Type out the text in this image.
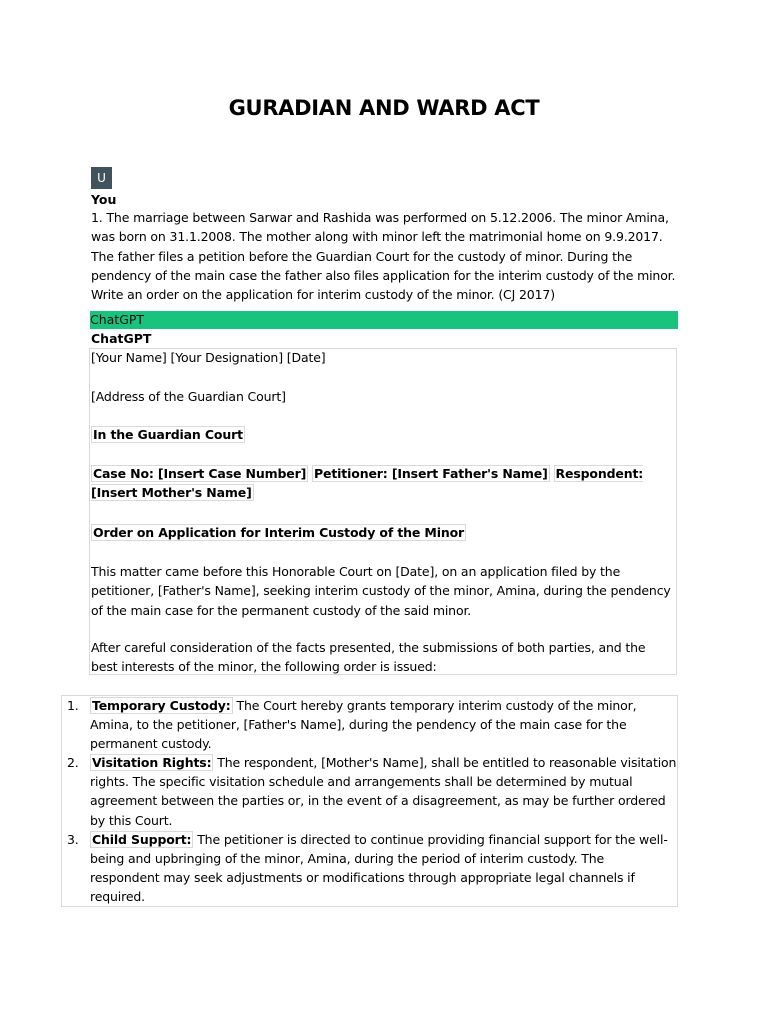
GURADIAN AND WARD ACT
U
You

1. The marriage between Sarwar and Rashida was performed on 5.12.2006. The minor Amina, was born on 31.1.2008. The mother along with minor left the matrimonial home on 9.9.2017. The father files a petition before the Guardian Court for the custody of minor. During the pendency of the main case the father also files application for the interim custody of the minor. Write an order on the application for interim custody of the minor. (CJ 2017)

ChatGPT
ChatGPT

[Your Name] [Your Designation] [Date]

[Address of the Guardian Court]

In the Guardian Court

Case No: [Insert Case Number] Petitioner: [Insert Father's Name] Respondent: [Insert Mother's Name]

Order on Application for Interim Custody of the Minor

This matter came before this Honorable Court on [Date], on an application filed by the petitioner, [Father's Name], seeking interim custody of the minor, Amina, during the pendency of the main case for the permanent custody of the said minor.

After careful consideration of the facts presented, the submissions of both parties, and the best interests of the minor, the following order is issued:

1. Temporary Custody: The Court hereby grants temporary interim custody of the minor, Amina, to the petitioner, [Father's Name], during the pendency of the main case for the permanent custody.
2. Visitation Rights: The respondent, [Mother's Name], shall be entitled to reasonable visitation rights. The specific visitation schedule and arrangements shall be determined by mutual agreement between the parties or, in the event of a disagreement, as may be further ordered by this Court.
3. Child Support: The petitioner is directed to continue providing financial support for the well-being and upbringing of the minor, Amina, during the period of interim custody. The respondent may seek adjustments or modifications through appropriate legal channels if required.
